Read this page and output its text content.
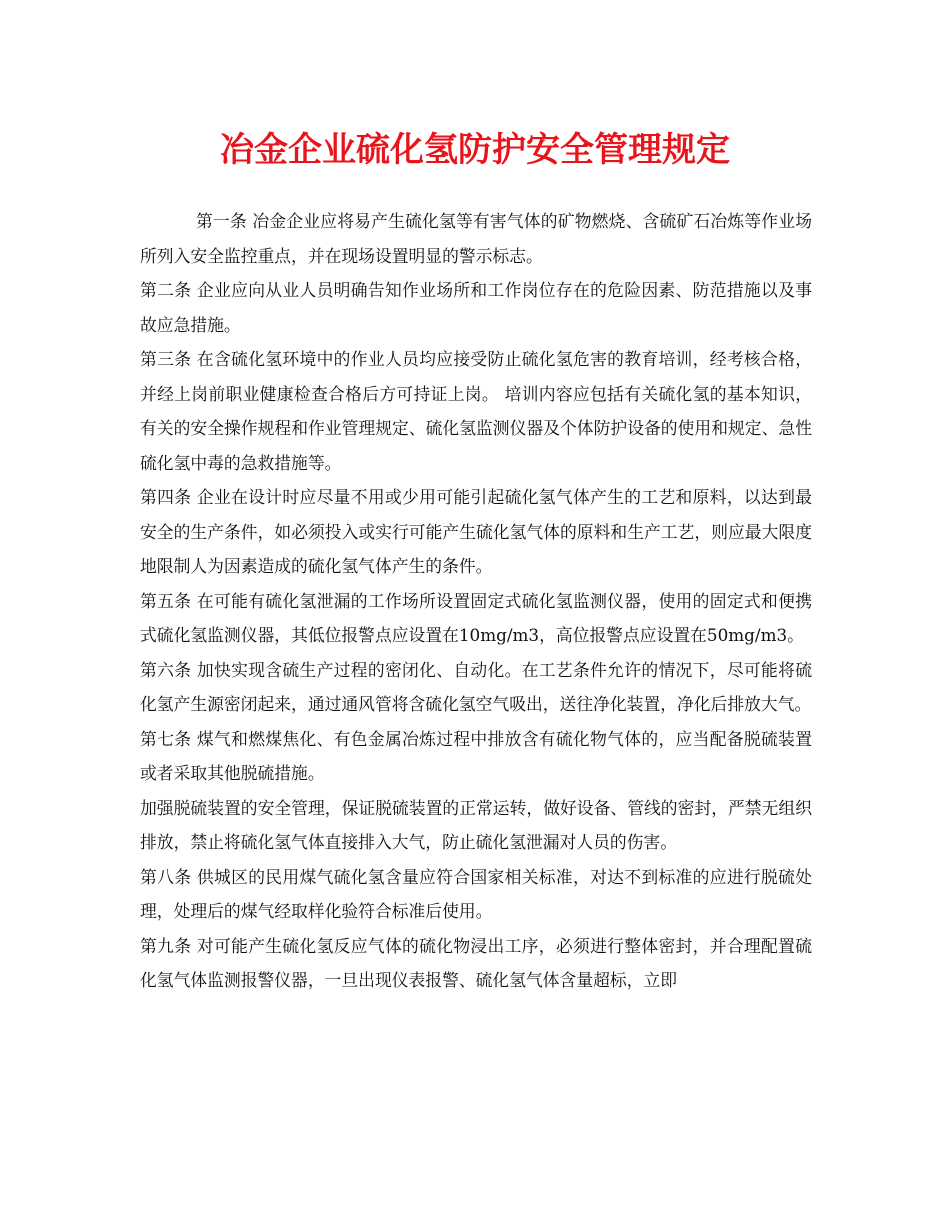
冶金企业硫化氢防护安全管理规定

第一条 冶金企业应将易产生硫化氢等有害气体的矿物燃烧、含硫矿石冶炼等作业场所列入安全监控重点，并在现场设置明显的警示标志。

第二条 企业应向从业人员明确告知作业场所和工作岗位存在的危险因素、防范措施以及事故应急措施。

第三条 在含硫化氢环境中的作业人员均应接受防止硫化氢危害的教育培训，经考核合格，并经上岗前职业健康检查合格后方可持证上岗。 培训内容应包括有关硫化氢的基本知识，有关的安全操作规程和作业管理规定、硫化氢监测仪器及个体防护设备的使用和规定、急性硫化氢中毒的急救措施等。

第四条 企业在设计时应尽量不用或少用可能引起硫化氢气体产生的工艺和原料，以达到最安全的生产条件，如必须投入或实行可能产生硫化氢气体的原料和生产工艺，则应最大限度地限制人为因素造成的硫化氢气体产生的条件。

第五条 在可能有硫化氢泄漏的工作场所设置固定式硫化氢监测仪器，使用的固定式和便携式硫化氢监测仪器，其低位报警点应设置在10mg/m3，高位报警点应设置在50mg/m3。

第六条 加快实现含硫生产过程的密闭化、自动化。在工艺条件允许的情况下，尽可能将硫化氢产生源密闭起来，通过通风管将含硫化氢空气吸出，送往净化装置，净化后排放大气。

第七条 煤气和燃煤焦化、有色金属冶炼过程中排放含有硫化物气体的，应当配备脱硫装置或者采取其他脱硫措施。

加强脱硫装置的安全管理，保证脱硫装置的正常运转，做好设备、管线的密封，严禁无组织排放，禁止将硫化氢气体直接排入大气，防止硫化氢泄漏对人员的伤害。

第八条 供城区的民用煤气硫化氢含量应符合国家相关标准，对达不到标准的应进行脱硫处理，处理后的煤气经取样化验符合标准后使用。

第九条 对可能产生硫化氢反应气体的硫化物浸出工序，必须进行整体密封，并合理配置硫化氢气体监测报警仪器，一旦出现仪表报警、硫化氢气体含量超标，立即
